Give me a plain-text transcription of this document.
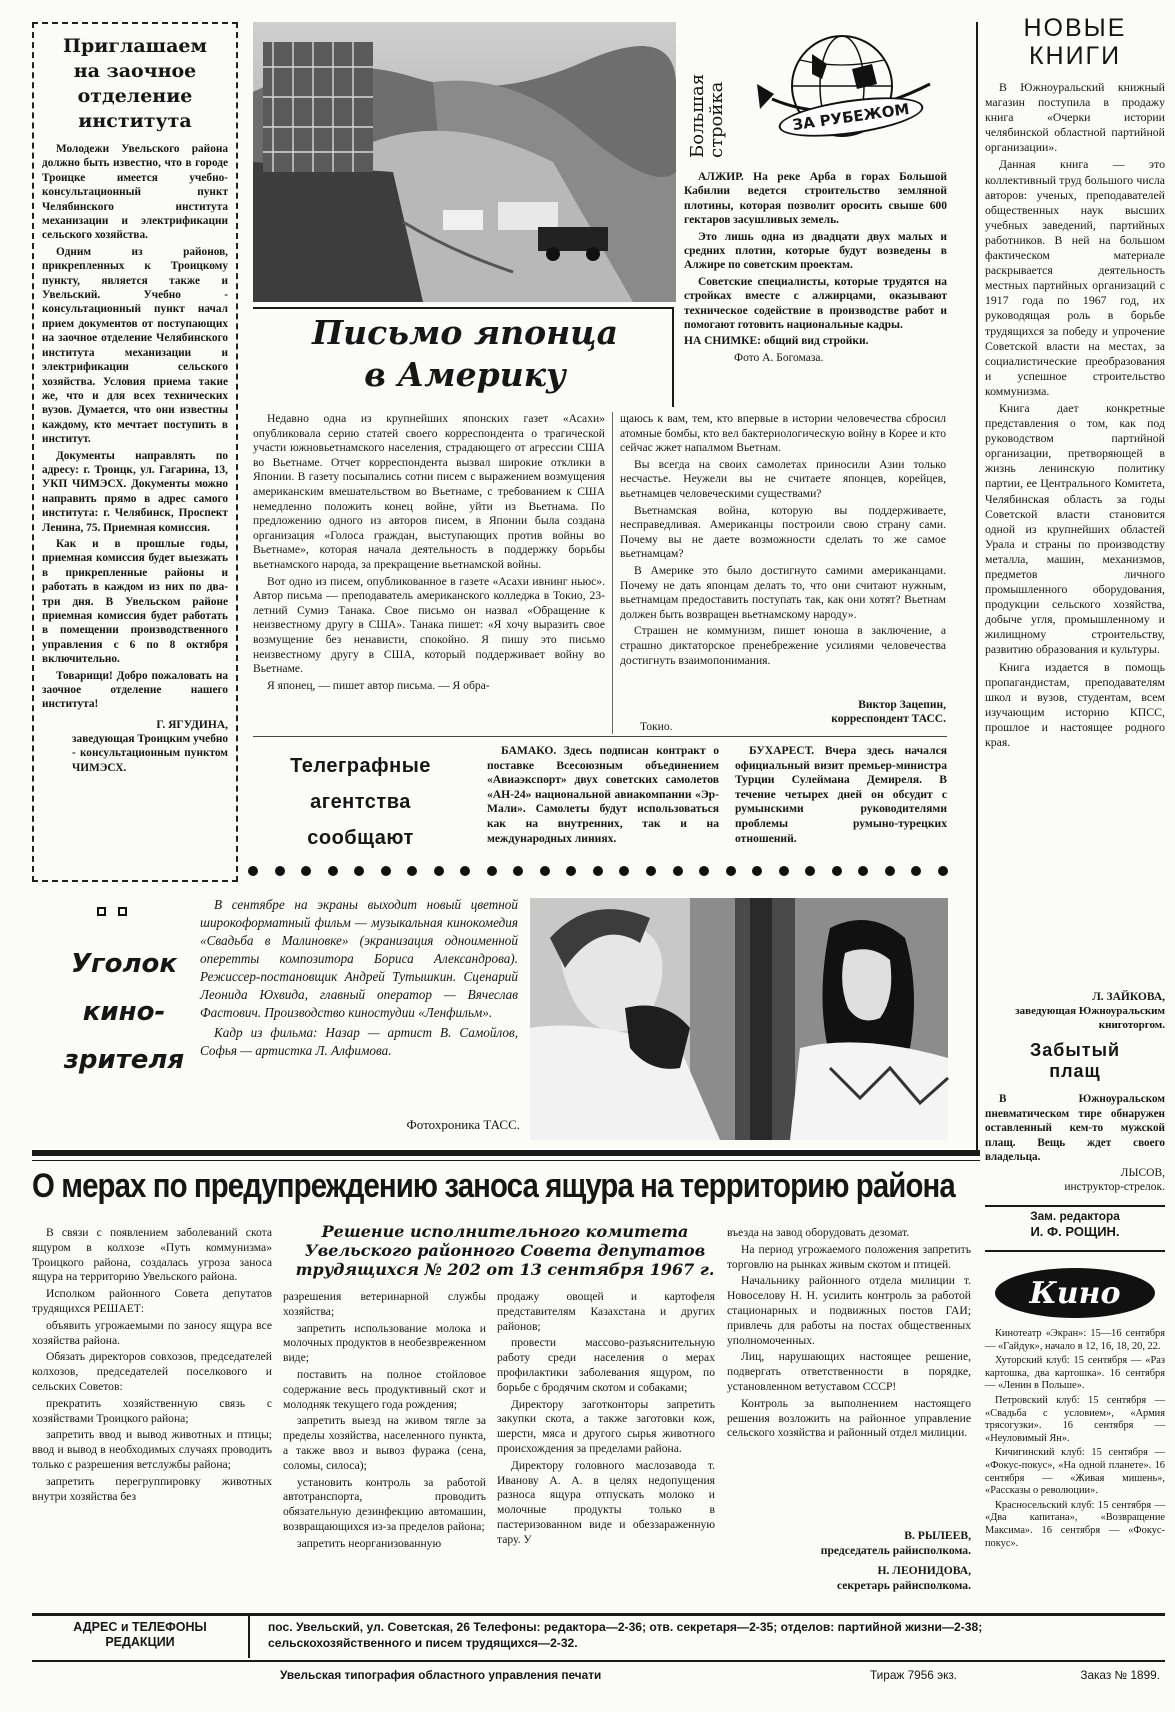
Приглашаем
на заочное
отделение
института

Молодежи Увельского района должно быть известно, что в городе Троицке имеется учебно-консультационный пункт Челябинского института механизации и электрификации сельского хозяйства.

Одним из районов, прикрепленных к Троицкому пункту, является также и Увельский. Учебно - консультационный пункт начал прием документов от поступающих на заочное отделение Челябинского института механизации и электрификации сельского хозяйства. Условия приема такие же, что и для всех технических вузов. Думается, что они известны каждому, кто мечтает поступить в институт.

Документы направлять по адресу: г. Троицк, ул. Гагарина, 13, УКП ЧИМЭСХ. Документы можно направить прямо в адрес самого института: г. Челябинск, Проспект Ленина, 75. Приемная комиссия.

Как и в прошлые годы, приемная комиссия будет выезжать в прикрепленные районы и работать в каждом из них по два-три дня. В Увельском районе приемная комиссия будет работать в помещении производственного управления с 6 по 8 октября включительно.

Товарищи! Добро пожаловать на заочное отделение нашего института!

Г. ЯГУДИНА,
заведующая Троицким учебно - консультационным пунктом ЧИМЭСХ.
Большая стройка	ЗА РУБЕЖОМ

АЛЖИР. На реке Арба в горах Большой Кабилии ведется строительство земляной плотины, которая позволит оросить свыше 600 гектаров засушливых земель.

Это лишь одна из двадцати двух малых и средних плотин, которые будут возведены в Алжире по советским проектам.

Советские специалисты, которые трудятся на стройках вместе с алжирцами, оказывают техническое содействие в производстве работ и помогают готовить национальные кадры.

НА СНИМКЕ: общий вид стройки.

Фото А. Богомаза.

Письмо японца
в Америку

Недавно одна из крупнейших японских газет «Асахи» опубликовала серию статей своего корреспондента о трагической участи южновьетнамского населения, страдающего от агрессии США во Вьетнаме. Отчет корреспондента вызвал широкие отклики в Японии. В газету посыпались сотни писем с выражением возмущения американским вмешательством во Вьетнаме, с требованием к США немедленно положить конец войне, уйти из Вьетнама. По предложению одного из авторов писем, в Японии была создана организация «Голоса граждан, выступающих против войны во Вьетнаме», которая начала деятельность в поддержку борьбы вьетнамского народа, за прекращение вьетнамской войны.

Вот одно из писем, опубликованное в газете «Асахи ивнинг ньюс». Автор письма — преподаватель американского колледжа в Токио, 23-летний Сумиэ Танака. Свое письмо он назвал «Обращение к неизвестному другу в США». Танака пишет: «Я хочу выразить свое возмущение без ненависти, спокойно. Я пишу это письмо неизвестному другу в США, который поддерживает войну во Вьетнаме.

Я японец, — пишет автор письма. — Я обра-

щаюсь к вам, тем, кто впервые в истории человечества сбросил атомные бомбы, кто вел бактериологическую войну в Корее и кто сейчас жжет напалмом Вьетнам.

Вы всегда на своих самолетах приносили Азии только несчастье. Неужели вы не считаете японцев, корейцев, вьетнамцев человеческими существами?

Вьетнамская война, которую вы поддерживаете, несправедливая. Американцы построили свою страну сами. Почему вы не даете возможности сделать то же самое вьетнамцам?

В Америке это было достигнуто самими американцами. Почему не дать японцам делать то, что они считают нужным, вьетнамцам предоставить поступать так, как они хотят? Вьетнам должен быть возвращен вьетнамскому народу».

Страшен не коммунизм, пишет юноша в заключение, а страшно диктаторское пренебрежение усилиями человечества достигнуть взаимопонимания.

Виктор Зацепин,
корреспондент ТАСС.
Токио.
Телеграфные
агентства
сообщают
БАМАКО. Здесь подписан контракт о поставке Всесоюзным объединением «Авиаэкспорт» двух советских самолетов «АН-24» национальной авиакомпании «Эр-Мали». Самолеты будут использоваться как на внутренних, так и на международных линиях.
БУХАРЕСТ. Вчера здесь начался официальный визит премьер-министра Турции Сулеймана Демиреля. В течение четырех дней он обсудит с румынскими руководителями проблемы румыно-турецких отношений.
Уголок
кино-
зрителя

В сентябре на экраны выходит новый цветной широкоформатный фильм — музыкальная кинокомедия «Свадьба в Малиновке» (экранизация одноименной оперетты композитора Бориса Александрова). Режиссер-постановщик Андрей Тутышкин. Сценарий Леонида Юхвида, главный оператор — Вячеслав Фастович. Производство киностудии «Ленфильм».

Кадр из фильма: Назар — артист В. Самойлов, Софья — артистка Л. Алфимова.

Фотохроника ТАСС.
НОВЫЕ
КНИГИ

В Южноуральский книжный магазин поступила в продажу книга «Очерки истории челябинской областной партийной организации».

Данная книга — это коллективный труд большого числа авторов: ученых, преподавателей общественных наук высших учебных заведений, партийных работников. В ней на большом фактическом материале раскрывается деятельность местных партийных организаций с 1917 года по 1967 год, их руководящая роль в борьбе трудящихся за победу и упрочение Советской власти на местах, за социалистические преобразования и успешное строительство коммунизма.

Книга дает конкретные представления о том, как под руководством партийной организации, претворяющей в жизнь ленинскую политику партии, ее Центрального Комитета, Челябинская область за годы Советской власти становится одной из крупнейших областей Урала и страны по производству металла, машин, механизмов, предметов личного промышленного оборудования, продукции сельского хозяйства, добыче угля, промышленному и жилищному строительству, развитию образования и культуры.

Книга издается в помощь пропагандистам, преподавателям школ и вузов, студентам, всем изучающим историю КПСС, прошлое и настоящее родного края.

Л. ЗАЙКОВА,
заведующая Южноуральским книготоргом.
Забытый
плащ
В Южноуральском пневматическом тире обнаружен оставленный кем-то мужской плащ. Вещь ждет своего владельца.
ЛЫСОВ,
инструктор-стрелок.
Зам. редактора
И. Ф. РОЩИН.
Кино

Кинотеатр «Экран»: 15—16 сентября — «Гайдук», начало в 12, 16, 18, 20, 22.

Хуторский клуб: 15 сентября — «Раз картошка, два картошка». 16 сентября — «Ленин в Польше».

Петровский клуб: 15 сентября — «Свадьба с условием», «Армия трясогузки». 16 сентября — «Неуловимый Ян».

Кичигинский клуб: 15 сентября — «Фокус-покус», «На одной планете». 16 сентября — «Живая мишень», «Рассказы о революции».

Красносельский клуб: 15 сентября — «Два капитана», «Возвращение Максима». 16 сентября — «Фокус-покус».

О мерах по предупреждению заноса ящура на территорию района
Решение исполнительного комитета
Увельского районного Совета депутатов
трудящихся № 202 от 13 сентября 1967 г.

В связи с появлением заболеваний скота ящуром в колхозе «Путь коммунизма» Троицкого района, создалась угроза заноса ящура на территорию Увельского района.

Исполком районного Совета депутатов трудящихся РЕШАЕТ:

объявить угрожаемыми по заносу ящура все хозяйства района.

Обязать директоров совхозов, председателей колхозов, председателей поселкового и сельских Советов:

прекратить хозяйственную связь с хозяйствами Троицкого района;

запретить ввод и вывод животных и птицы; ввод и вывод в необходимых случаях проводить только с разрешения ветслужбы района;

запретить перегруппировку животных внутри хозяйства без

разрешения ветеринарной службы хозяйства;

запретить использование молока и молочных продуктов в необезвреженном виде;

поставить на полное стойловое содержание весь продуктивный скот и молодняк текущего года рождения;

запретить выезд на живом тягле за пределы хозяйства, населенного пункта, а также ввоз и вывоз фуража (сена, соломы, силоса);

установить контроль за работой автотранспорта, проводить обязательную дезинфекцию автомашин, возвращающихся из-за пределов района;

запретить неорганизованную

продажу овощей и картофеля представителям Казахстана и других районов;

провести массово-разъяснительную работу среди населения о мерах профилактики заболевания ящуром, по борьбе с бродячим скотом и собаками;

Директору заготконторы запретить закупки скота, а также заготовки кож, шерсти, мяса и другого сырья животного происхождения за пределами района.

Директору головного маслозавода т. Иванову А. А. в целях недопущения разноса ящура отпускать молоко и молочные продукты только в пастеризованном виде и обеззараженную тару. У

въезда на завод оборудовать дезомат.

На период угрожаемого положения запретить торговлю на рынках живым скотом и птицей.

Начальнику районного отдела милиции т. Новоселову Н. Н. усилить контроль за работой стационарных и подвижных постов ГАИ; привлечь для работы на постах общественных уполномоченных.

Лиц, нарушающих настоящее решение, подвергать ответственности в порядке, установленном ветуставом СССР!

Контроль за выполнением настоящего решения возложить на районное управление сельского хозяйства и районный отдел милиции.

В. РЫЛЕЕВ,
председатель райисполкома.
Н. ЛЕОНИДОВА,
секретарь райисполкома.
АДРЕС и ТЕЛЕФОНЫ
РЕДАКЦИИ
пос. Увельский, ул. Советская, 26 Телефоны: редактора—2-36; отв. секретаря—2-35; отделов: партийной жизни—2-38;
сельскохозяйственного и писем трудящихся—2-32.
Увельская типография областного управления печати	Тираж 7956 экз.	Заказ № 1899.
